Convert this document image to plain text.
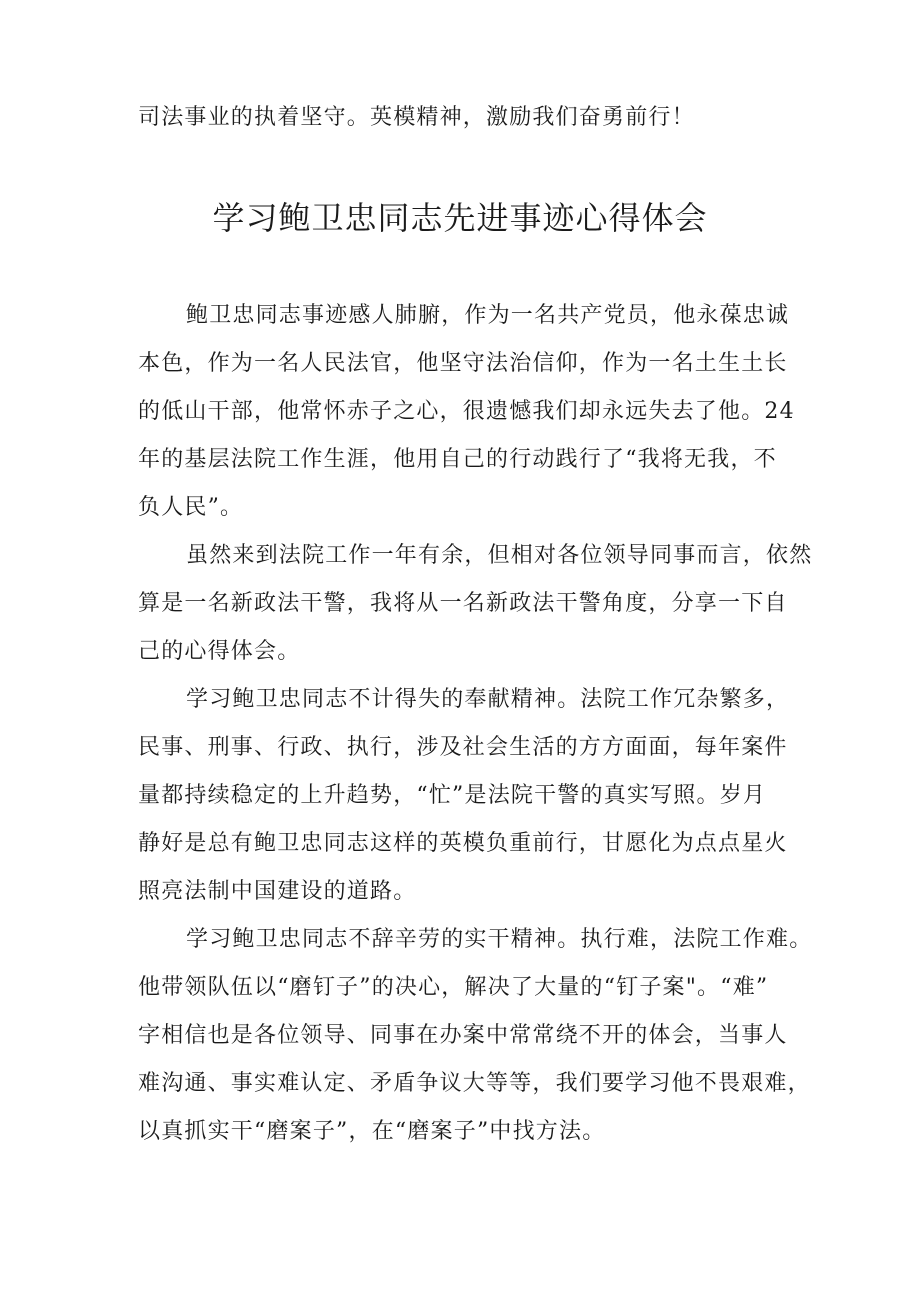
司法事业的执着坚守。英模精神，激励我们奋勇前行！
学习鲍卫忠同志先进事迹心得体会
鲍卫忠同志事迹感人肺腑，作为一名共产党员，他永葆忠诚
本色，作为一名人民法官，他坚守法治信仰，作为一名土生土长
的低山干部，他常怀赤子之心，很遗憾我们却永远失去了他。24
年的基层法院工作生涯，他用自己的行动践行了“我将无我，不
负人民”。
虽然来到法院工作一年有余，但相对各位领导同事而言，依然
算是一名新政法干警，我将从一名新政法干警角度，分享一下自
己的心得体会。
学习鲍卫忠同志不计得失的奉献精神。法院工作冗杂繁多，
民事、刑事、行政、执行，涉及社会生活的方方面面，每年案件
量都持续稳定的上升趋势，“忙”是法院干警的真实写照。岁月
静好是总有鲍卫忠同志这样的英模负重前行，甘愿化为点点星火
照亮法制中国建设的道路。
学习鲍卫忠同志不辞辛劳的实干精神。执行难，法院工作难。
他带领队伍以“磨钉子”的决心，解决了大量的“钉子案"。“难”
字相信也是各位领导、同事在办案中常常绕不开的体会，当事人
难沟通、事实难认定、矛盾争议大等等，我们要学习他不畏艰难，
以真抓实干“磨案子”，在“磨案子”中找方法。
